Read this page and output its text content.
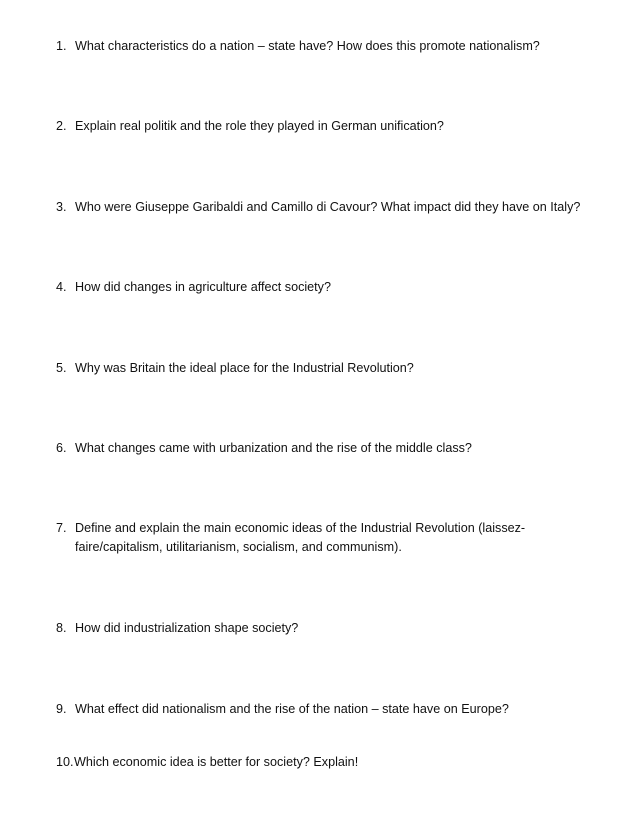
1. What characteristics do a nation – state have? How does this promote nationalism?
2. Explain real politik and the role they played in German unification?
3. Who were Giuseppe Garibaldi and Camillo di Cavour? What impact did they have on Italy?
4. How did changes in agriculture affect society?
5. Why was Britain the ideal place for the Industrial Revolution?
6. What changes came with urbanization and the rise of the middle class?
7. Define and explain the main economic ideas of the Industrial Revolution (laissez-
faire/capitalism, utilitarianism, socialism, and communism).
8. How did industrialization shape society?
9. What effect did nationalism and the rise of the nation – state have on Europe?
10. Which economic idea is better for society? Explain!
